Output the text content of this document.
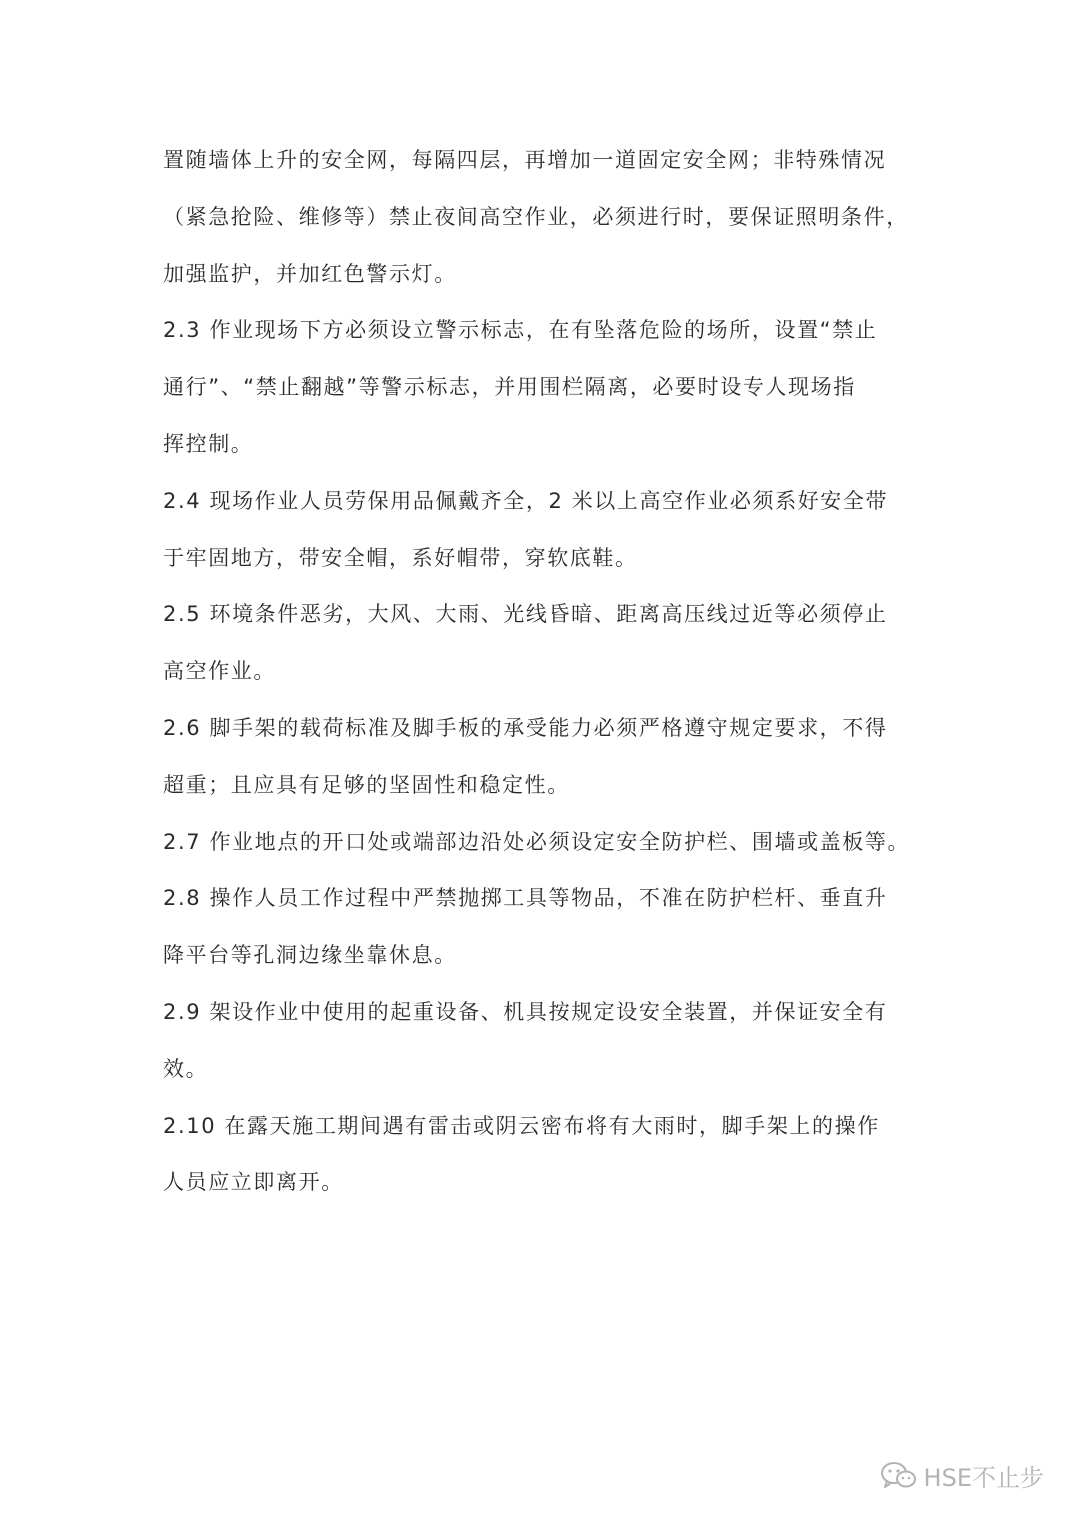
置随墙体上升的安全网，每隔四层，再增加一道固定安全网；非特殊情况
（紧急抢险、维修等）禁止夜间高空作业，必须进行时，要保证照明条件，
加强监护，并加红色警示灯。
2.3 作业现场下方必须设立警示标志，在有坠落危险的场所，设置“禁止
通行”、“禁止翻越”等警示标志，并用围栏隔离，必要时设专人现场指
挥控制。
2.4 现场作业人员劳保用品佩戴齐全，2 米以上高空作业必须系好安全带
于牢固地方，带安全帽，系好帽带，穿软底鞋。
2.5 环境条件恶劣，大风、大雨、光线昏暗、距离高压线过近等必须停止
高空作业。
2.6 脚手架的载荷标准及脚手板的承受能力必须严格遵守规定要求，不得
超重；且应具有足够的坚固性和稳定性。
2.7 作业地点的开口处或端部边沿处必须设定安全防护栏、围墙或盖板等。
2.8 操作人员工作过程中严禁抛掷工具等物品，不准在防护栏杆、垂直升
降平台等孔洞边缘坐靠休息。
2.9 架设作业中使用的起重设备、机具按规定设安全装置，并保证安全有
效。
2.10 在露天施工期间遇有雷击或阴云密布将有大雨时，脚手架上的操作
人员应立即离开。
HSE不止步
